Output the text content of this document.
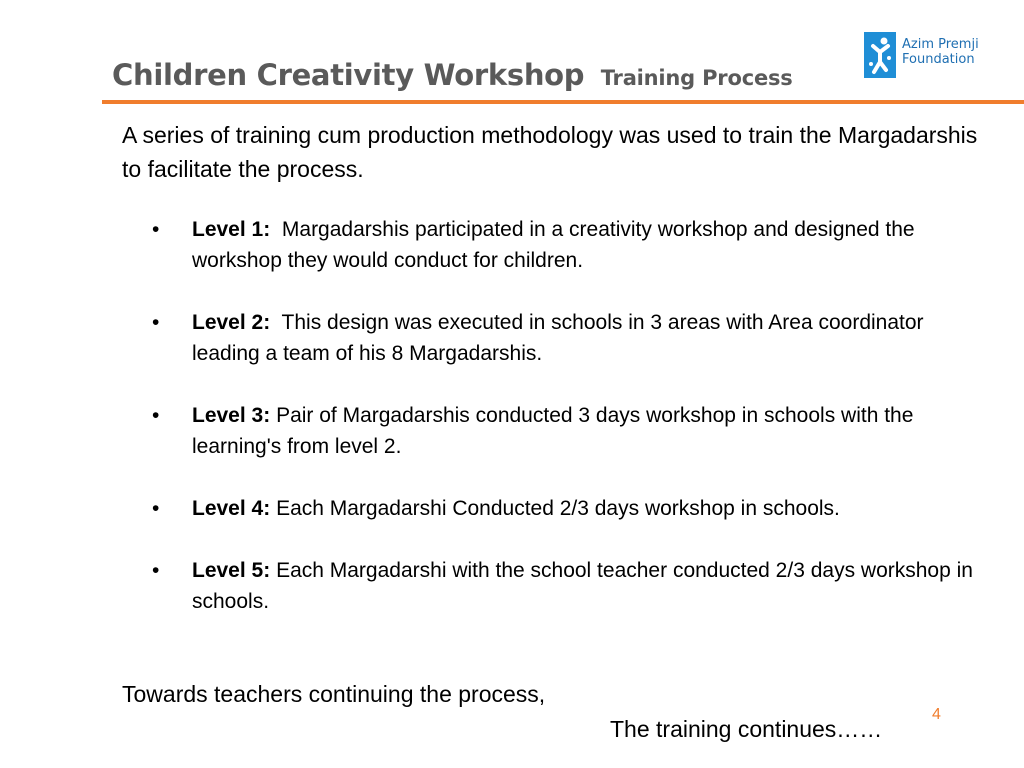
Children Creativity Workshop Training Process
Azim Premji
Foundation

A series of training cum production methodology was used to train the Margadarshis to facilitate the process.

• Level 1: Margadarshis participated in a creativity workshop and designed the workshop they would conduct for children.
• Level 2: This design was executed in schools in 3 areas with Area coordinator leading a team of his 8 Margadarshis.
• Level 3: Pair of Margadarshis conducted 3 days workshop in schools with the learning's from level 2.
• Level 4: Each Margadarshi Conducted 2/3 days workshop in schools.
• Level 5: Each Margadarshi with the school teacher conducted 2/3 days workshop in schools.
Towards teachers continuing the process,
The training continues……
4
